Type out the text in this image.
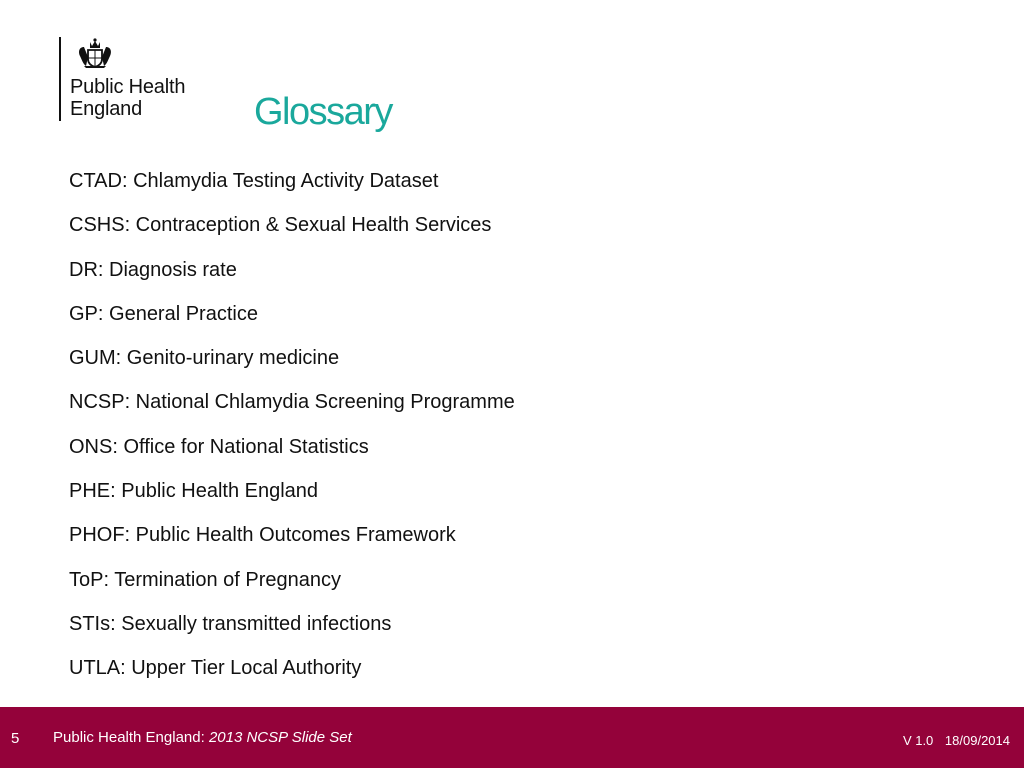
Public Health
England	Glossary
CTAD: Chlamydia Testing Activity Dataset
CSHS: Contraception & Sexual Health Services
DR: Diagnosis rate
GP: General Practice
GUM: Genito-urinary medicine
NCSP: National Chlamydia Screening Programme
ONS: Office for National Statistics
PHE: Public Health England
PHOF: Public Health Outcomes Framework
ToP: Termination of Pregnancy
STIs: Sexually transmitted infections
UTLA: Upper Tier Local Authority
5 Public Health England: 2013 NCSP Slide Set	V 1.0 18/09/2014
